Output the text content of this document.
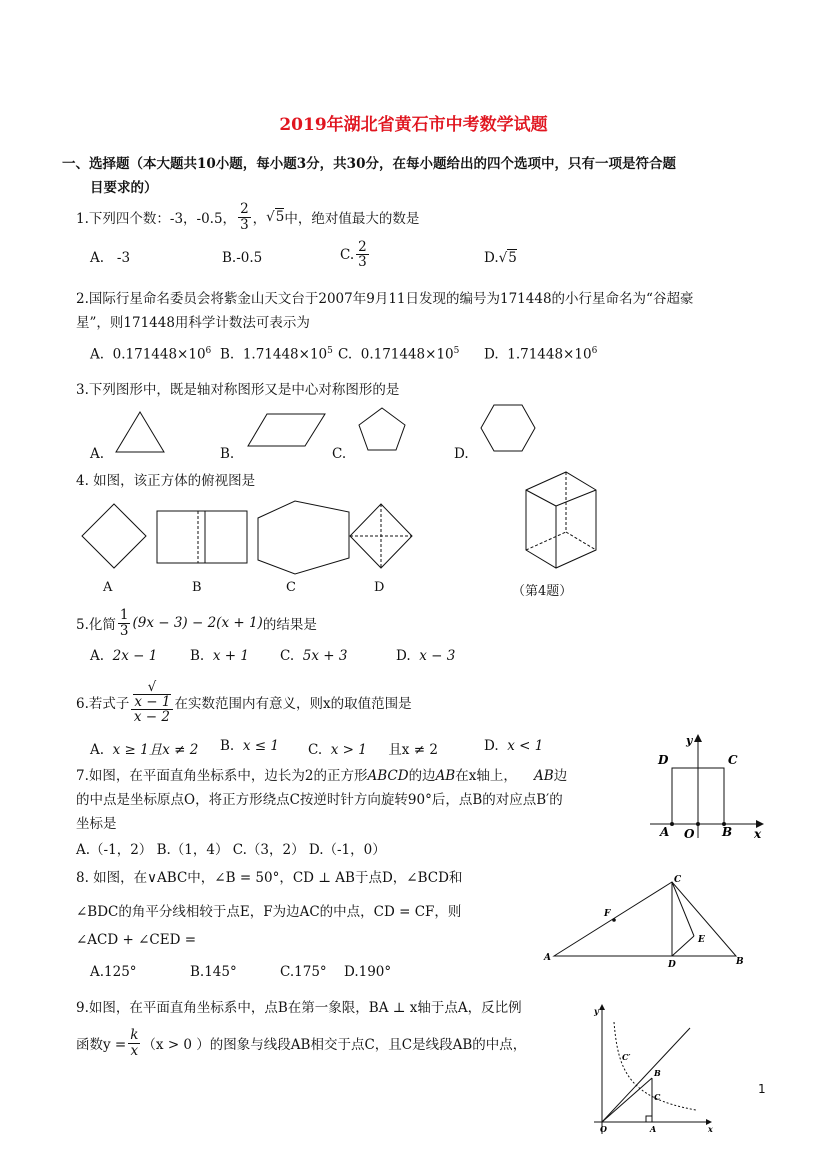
2019年湖北省黄石市中考数学试题
一、选择题（本大题共10小题，每小题3分，共30分，在每小题给出的四个选项中，只有一项是符合题
目要求的）
1.下列四个数：-3，-0.5， $\frac{2}{3}$ ， √5 中，绝对值最大的数是
A. -3	B.-0.5	C. $\frac{2}{3}$	D.√5
2.国际行星命名委员会将紫金山天文台于2007年9月11日发现的编号为171448的小行星命名为“谷超豪
星”，则171448用科学计数法可表示为
A. $0.171448\times 10^6$ B. $1.71448\times 10^5$ C. $0.171448\times 10^5$ D. $1.71448\times 10^6$
3.下列图形中，既是轴对称图形又是中心对称图形的是
A.	B.	C.	D.
4. 如图，该正方体的俯视图是
A	B	C	D	（第4题）
5.化简 $\frac{1}{3} (9x - 3) - 2(x + 1)$ 的结果是
A. 2x − 1 B. x + 1 C. 5x + 3	D. x − 3
6.若式子 √
x − 1
x − 2 在实数范围内有意义，则x的取值范围是
A. x ≥ 1且x ≠ 2 B. x ≤ 1 C. x > 1 且x ≠ 2	D. x < 1
7.如图，在平面直角坐标系中，边长为2的正方形ABCD的边AB在x轴上， AB边
的中点是坐标原点O，将正方形绕点C按逆时针方向旋转90°后，点B的对应点B′的
坐标是
A.（-1，2） B.（1，4） C.（3，2） D.（-1，0）
y
D	C
A O B x
8. 如图，在∨ABC中，∠B = 50°，CD ⊥ AB于点D，∠BCD和
∠BDC的角平分线相较于点E，F为边AC的中点，CD = CF，则
∠ACD + ∠CED =
A.125°	B.145°	C.175° D.190°
C
F
E
A
D	B
9.如图，在平面直角坐标系中，点B在第一象限，BA ⊥ x轴于点A，反比例
函数$y = \frac{k}{x} (x > 0$ ）的图象与线段AB相交于点C，且C是线段AB的中点，
y
C′
B
C
O	A	x
1
